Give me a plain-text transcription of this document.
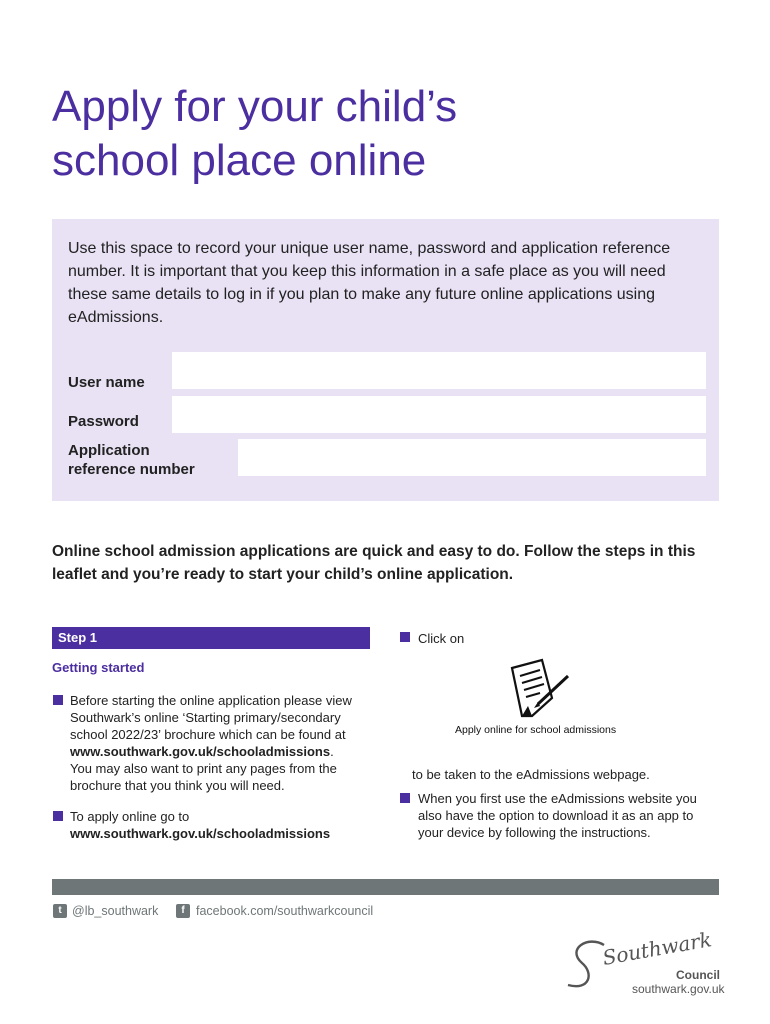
Apply for your child’s
school place online

Use this space to record your unique user name, password and application reference number. It is important that you keep this information in a safe place as you will need these same details to log in if you plan to make any future online applications using eAdmissions.

User name
Password
Application
reference number

Online school admission applications are quick and easy to do. Follow the steps in this leaflet and you’re ready to start your child’s online application.

Step 1
Getting started

Before starting the online application please view
Southwark’s online ‘Starting primary/secondary
school 2022/23’ brochure which can be found at
www.southwark.gov.uk/schooladmissions.
You may also want to print any pages from the
brochure that you think you will need.

To apply online go to
www.southwark.gov.uk/schooladmissions

Click on

Apply online for school admissions

to be taken to the eAdmissions webpage.

When you first use the eAdmissions website you
also have the option to download it as an app to
your device by following the instructions.

t @lb_southwark	f facebook.com/southwarkcouncil
Southwark
Council
southwark.gov.uk
